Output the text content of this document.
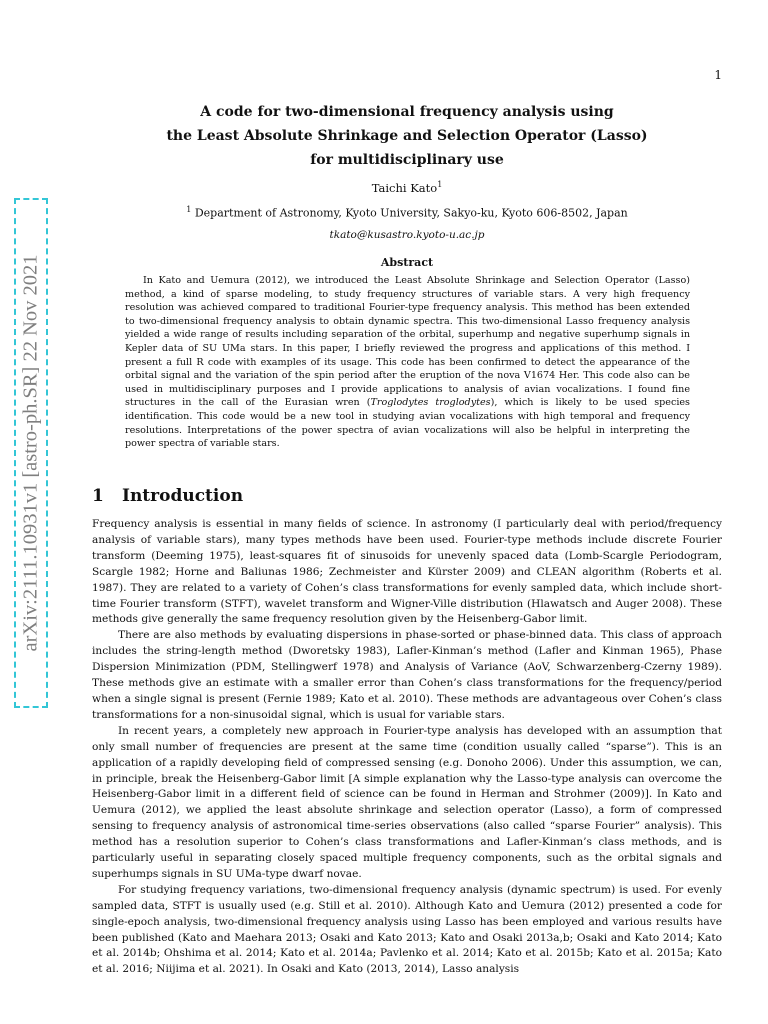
1
arXiv:2111.10931v1 [astro-ph.SR] 22 Nov 2021
A code for two-dimensional frequency analysis using
the Least Absolute Shrinkage and Selection Operator (Lasso)
for multidisciplinary use
Taichi Kato$^1$
$^1$ Department of Astronomy, Kyoto University, Sakyo-ku, Kyoto 606-8502, Japan
tkato@kusastro.kyoto-u.ac.jp
Abstract

In Kato and Uemura (2012), we introduced the Least Absolute Shrinkage and Selection Operator (Lasso) method, a kind of sparse modeling, to study frequency structures of variable stars. A very high frequency resolution was achieved compared to traditional Fourier-type frequency analysis. This method has been extended to two-dimensional frequency analysis to obtain dynamic spectra. This two-dimensional Lasso frequency analysis yielded a wide range of results including separation of the orbital, superhump and negative superhump signals in Kepler data of SU UMa stars. In this paper, I briefly reviewed the progress and applications of this method. I present a full R code with examples of its usage. This code has been confirmed to detect the appearance of the orbital signal and the variation of the spin period after the eruption of the nova V1674 Her. This code also can be used in multidisciplinary purposes and I provide applications to analysis of avian vocalizations. I found fine structures in the call of the Eurasian wren (Troglodytes troglodytes), which is likely to be used species identification. This code would be a new tool in studying avian vocalizations with high temporal and frequency resolutions. Interpretations of the power spectra of avian vocalizations will also be helpful in interpreting the power spectra of variable stars.

1 Introduction

Frequency analysis is essential in many fields of science. In astronomy (I particularly deal with period/frequency analysis of variable stars), many types methods have been used. Fourier-type methods include discrete Fourier transform (Deeming 1975), least-squares fit of sinusoids for unevenly spaced data (Lomb-Scargle Periodogram, Scargle 1982; Horne and Baliunas 1986; Zechmeister and Kürster 2009) and CLEAN algorithm (Roberts et al. 1987). They are related to a variety of Cohen’s class transformations for evenly sampled data, which include short-time Fourier transform (STFT), wavelet transform and Wigner-Ville distribution (Hlawatsch and Auger 2008). These methods give generally the same frequency resolution given by the Heisenberg-Gabor limit.

There are also methods by evaluating dispersions in phase-sorted or phase-binned data. This class of approach includes the string-length method (Dworetsky 1983), Lafler-Kinman’s method (Lafler and Kinman 1965), Phase Dispersion Minimization (PDM, Stellingwerf 1978) and Analysis of Variance (AoV, Schwarzenberg-Czerny 1989). These methods give an estimate with a smaller error than Cohen’s class transformations for the frequency/period when a single signal is present (Fernie 1989; Kato et al. 2010). These methods are advantageous over Cohen’s class transformations for a non-sinusoidal signal, which is usual for variable stars.

In recent years, a completely new approach in Fourier-type analysis has developed with an assumption that only small number of frequencies are present at the same time (condition usually called “sparse”). This is an application of a rapidly developing field of compressed sensing (e.g. Donoho 2006). Under this assumption, we can, in principle, break the Heisenberg-Gabor limit [A simple explanation why the Lasso-type analysis can overcome the Heisenberg-Gabor limit in a different field of science can be found in Herman and Strohmer (2009)]. In Kato and Uemura (2012), we applied the least absolute shrinkage and selection operator (Lasso), a form of compressed sensing to frequency analysis of astronomical time-series observations (also called “sparse Fourier” analysis). This method has a resolution superior to Cohen’s class transformations and Lafler-Kinman’s class methods, and is particularly useful in separating closely spaced multiple frequency components, such as the orbital signals and superhumps signals in SU UMa-type dwarf novae.

For studying frequency variations, two-dimensional frequency analysis (dynamic spectrum) is used. For evenly sampled data, STFT is usually used (e.g. Still et al. 2010). Although Kato and Uemura (2012) presented a code for single-epoch analysis, two-dimensional frequency analysis using Lasso has been employed and various results have been published (Kato and Maehara 2013; Osaki and Kato 2013; Kato and Osaki 2013a,b; Osaki and Kato 2014; Kato et al. 2014b; Ohshima et al. 2014; Kato et al. 2014a; Pavlenko et al. 2014; Kato et al. 2015b; Kato et al. 2015a; Kato et al. 2016; Niijima et al. 2021). In Osaki and Kato (2013, 2014), Lasso analysis
